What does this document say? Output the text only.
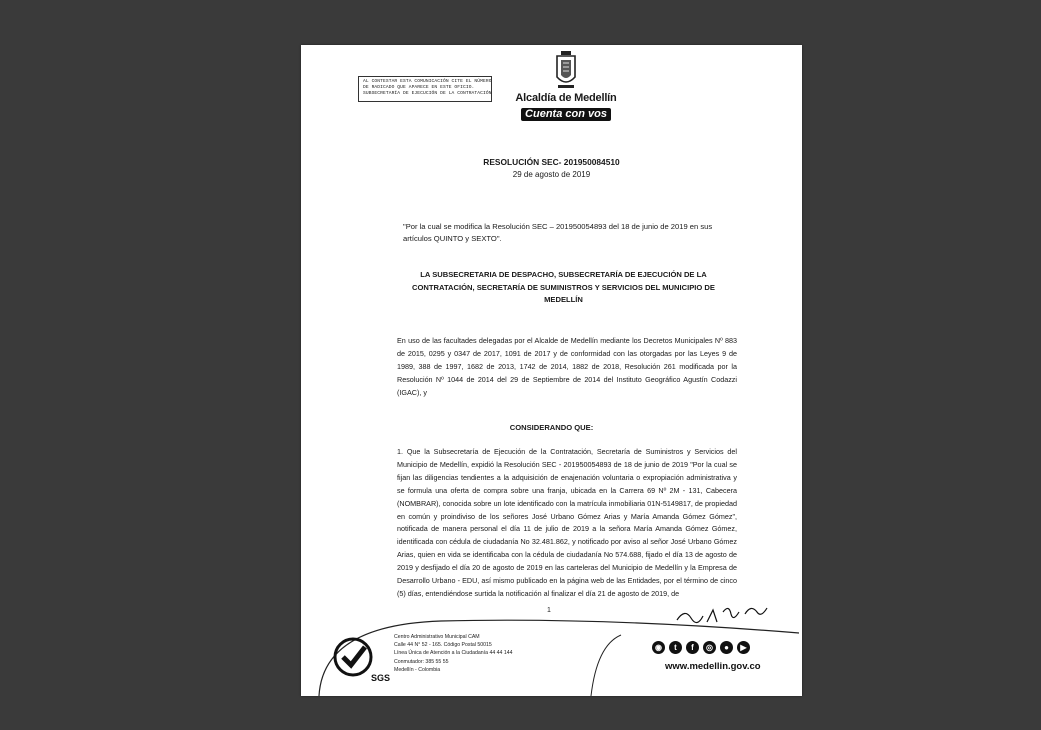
AL CONTESTAR ESTA COMUNICACIÓN CITE EL NÚMERO
DE RADICADO QUE APARECE EN ESTE OFICIO.
SUBSECRETARÍA DE EJECUCIÓN DE LA CONTRATACIÓN	Alcaldía de Medellín
Cuenta con vos
RESOLUCIÓN SEC- 201950084510
29 de agosto de 2019
"Por la cual se modifica la Resolución SEC – 201950054893 del 18 de junio de 2019 en sus artículos QUINTO y SEXTO".
LA SUBSECRETARIA DE DESPACHO, SUBSECRETARÍA DE EJECUCIÓN DE LA CONTRATACIÓN, SECRETARÍA DE SUMINISTROS Y SERVICIOS DEL MUNICIPIO DE MEDELLÍN
En uso de las facultades delegadas por el Alcalde de Medellín mediante los Decretos Municipales Nº 883 de 2015, 0295 y 0347 de 2017, 1091 de 2017 y de conformidad con las otorgadas por las Leyes 9 de 1989, 388 de 1997, 1682 de 2013, 1742 de 2014, 1882 de 2018, Resolución 261 modificada por la Resolución Nº 1044 de 2014 del 29 de Septiembre de 2014 del Instituto Geográfico Agustín Codazzi (IGAC), y
CONSIDERANDO QUE:
1. Que la Subsecretaría de Ejecución de la Contratación, Secretaría de Suministros y Servicios del Municipio de Medellín, expidió la Resolución SEC - 201950054893 de 18 de junio de 2019 "Por la cual se fijan las diligencias tendientes a la adquisición de enajenación voluntaria o expropiación administrativa y se formula una oferta de compra sobre una franja, ubicada en la Carrera 69 Nº 2M - 131, Cabecera (NOMBRAR), conocida sobre un lote identificado con la matrícula inmobiliaria 01N-5149817, de propiedad en común y proindiviso de los señores José Urbano Gómez Arias y María Amanda Gómez Gómez", notificada de manera personal el día 11 de julio de 2019 a la señora María Amanda Gómez Gómez, identificada con cédula de ciudadanía No 32.481.862, y notificado por aviso al señor José Urbano Gómez Arias, quien en vida se identificaba con la cédula de ciudadanía No 574.688, fijado el día 13 de agosto de 2019 y desfijado el día 20 de agosto de 2019 en las carteleras del Municipio de Medellín y la Empresa de Desarrollo Urbano - EDU, así mismo publicado en la página web de las Entidades, por el término de cinco (5) días, entendiéndose surtida la notificación al finalizar el día 21 de agosto de 2019, de
1
SGS
Centro Administrativo Municipal CAM
Calle 44 N° 52 - 165. Código Postal 50015
Línea Única de Atención a la Ciudadanía 44 44 144
Conmutador: 385 55 55
Medellín - Colombia
◉	t	f	◎	●	▶
www.medellin.gov.co
